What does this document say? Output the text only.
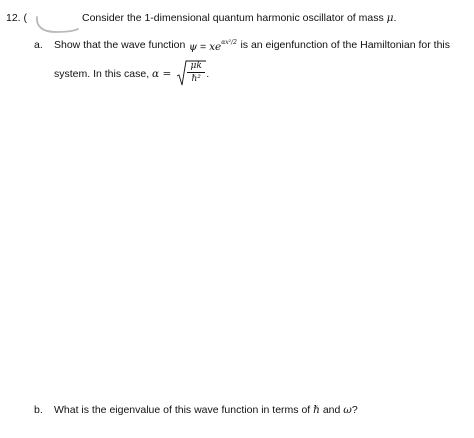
12. (	Consider the 1-dimensional quantum harmonic oscillator of mass μ.
a. Show that the wave function $\psi = xe^{\alpha x^2/2}$ is an eigenfunction of the Hamiltonian for this
system. In this case, α =
μk
ℏ² .
b. What is the eigenvalue of this wave function in terms of ℏ and ω?
